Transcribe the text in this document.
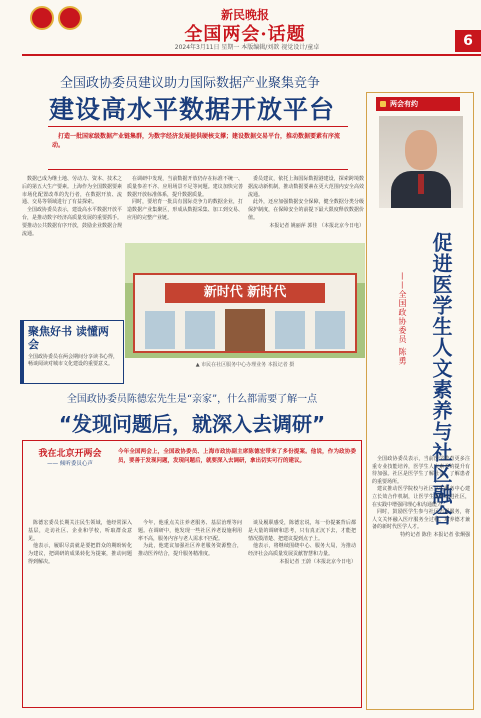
新民晚报
全国两会·话题
2024年3月11日 星期一 本版编辑/刘歆 视觉设计/童卓	6
全国政协委员建议助力国际数据产业聚集竞争
建设高水平数据开放平台

打造一批国家级数据产业链集群，为数字经济发展提供硬核支撑；建设数据交易平台，推动数据要素有序流动。

数据已成为继土地、劳动力、资本、技术之后的第五大生产要素。上海作为全国数据要素市场化配置改革的先行者，在数据开放、流通、交易等领域进行了有益探索。

全国政协委员表示，建设高水平数据开放平台，是推动数字经济高质量发展的重要抓手。要推动公共数据有序开放，鼓励企业数据合规流通。

在调研中发现，当前数据开放仍存在标准不统一、质量参差不齐、应用场景不足等问题。建议加快完善数据开放标准体系，提升数据质量。

同时，要培育一批具有国际竞争力的数据企业，打造数据产业集聚区，形成从数据采集、加工到交易、应用的完整产业链。

委员建议，依托上海国际数据港建设，探索跨境数据流动新机制，推动数据要素在更大范围内安全高效流通。

此外，还应加强数据安全保障，健全数据分类分级保护制度，在保障安全的前提下最大限度释放数据价值。

本报记者 姚丽萍 郭佳 （本报北京今日电）

新时代 新时代
▲ 市民在社区服务中心办理业务 本报记者 摄
两会有约
——全国政协委员 陈勇	促进医学生人文素养与社区融合

全国政协委员表示，当前医学教育更多注重专业技能培养，医学生人文素养的提升有待加强。社区是医学生了解社会、了解患者的重要场所。

建议推动医学院校与社区卫生服务中心建立长效合作机制，让医学生更早走进社区，在实践中增强同理心和沟通能力。

同时，鼓励医学生参与社区志愿服务，将人文关怀融入医疗服务全过程，培养德才兼备的新时代医学人才。

特约记者 陈佳 本报记者 张炯强

聚焦好书 读懂两会
全国政协委员在两会期间分享读书心得，畅谈阅读对城市文化建设的重要意义。
全国政协委员陈德宏先生是“亲家”，什么都需要了解一点
“发现问题后，就深入去调研”
我在北京开两会
—— 倾听委员心声
今年全国两会上，全国政协委员、上海市政协副主席陈德宏带来了多份提案。他说，作为政协委员，要善于发现问题，发现问题后，就要深入去调研，拿出切实可行的建议。

陈德宏委员长期关注民生领域，他经常深入基层，走访社区、企业和学校，听取群众意见。

他表示，履职尽责就是要把群众的期盼转化为建议，把调研的成果转化为提案，推动问题得到解决。

今年，他重点关注养老服务、基层治理等问题。在调研中，他发现一些社区养老设施利用率不高，服务内容与老人需求不匹配。

为此，他建议加强社区养老服务资源整合，推动医养结合，提升服务精准度。

谈及履职感受，陈德宏说，每一份提案背后都是大量的调研和思考，只有真正沉下去，才能把情况摸清楚、把建议提到点子上。

他表示，将继续围绕中心、服务大局，为推动经济社会高质量发展贡献智慧和力量。

本报记者 王蔚（本报北京今日电）
